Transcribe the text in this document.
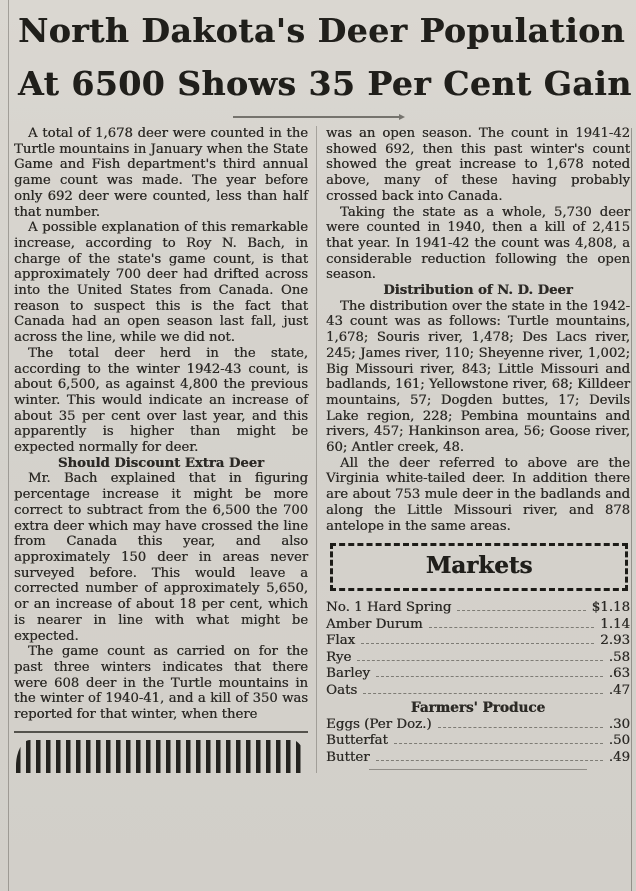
North Dakota's Deer Population
At 6500 Shows 35 Per Cent Gain

A total of 1,678 deer were counted in the Turtle mountains in January when the State Game and Fish department's third annual game count was made. The year before only 692 deer were counted, less than half that number.

A possible explanation of this remarkable increase, according to Roy N. Bach, in charge of the state's game count, is that approximately 700 deer had drifted across into the United States from Canada. One reason to suspect this is the fact that Canada had an open season last fall, just across the line, while we did not.

The total deer herd in the state, according to the winter 1942-43 count, is about 6,500, as against 4,800 the previous winter. This would indicate an increase of about 35 per cent over last year, and this apparently is higher than might be expected normally for deer.

Should Discount Extra Deer

Mr. Bach explained that in figuring percentage increase it might be more correct to subtract from the 6,500 the 700 extra deer which may have crossed the line from Canada this year, and also approximately 150 deer in areas never surveyed before. This would leave a corrected number of approximately 5,650, or an increase of about 18 per cent, which is nearer in line with what might be expected.

The game count as carried on for the past three winters indicates that there were 608 deer in the Turtle mountains in the winter of 1940-41, and a kill of 350 was reported for that winter, when there

was an open season. The count in 1941-42 showed 692, then this past winter's count showed the great increase to 1,678 noted above, many of these having probably crossed back into Canada.

Taking the state as a whole, 5,730 deer were counted in 1940, then a kill of 2,415 that year. In 1941-42 the count was 4,808, a considerable reduction following the open season.

Distribution of N. D. Deer

The distribution over the state in the 1942-43 count was as follows: Turtle mountains, 1,678; Souris river, 1,478; Des Lacs river, 245; James river, 110; Sheyenne river, 1,002; Big Missouri river, 843; Little Missouri and badlands, 161; Yellowstone river, 68; Killdeer mountains, 57; Dogden buttes, 17; Devils Lake region, 228; Pembina mountains and rivers, 457; Hankinson area, 56; Goose river, 60; Antler creek, 48.

All the deer referred to above are the Virginia white-tailed deer. In addition there are about 753 mule deer in the badlands and along the Little Missouri river, and 878 antelope in the same areas.

Markets
No. 1 Hard Spring	$1.18
Amber Durum	1.14
Flax	2.93
Rye	.58
Barley	.63
Oats	.47
Farmers' Produce
Eggs (Per Doz.)	.30
Butterfat	.50
Butter	.49
